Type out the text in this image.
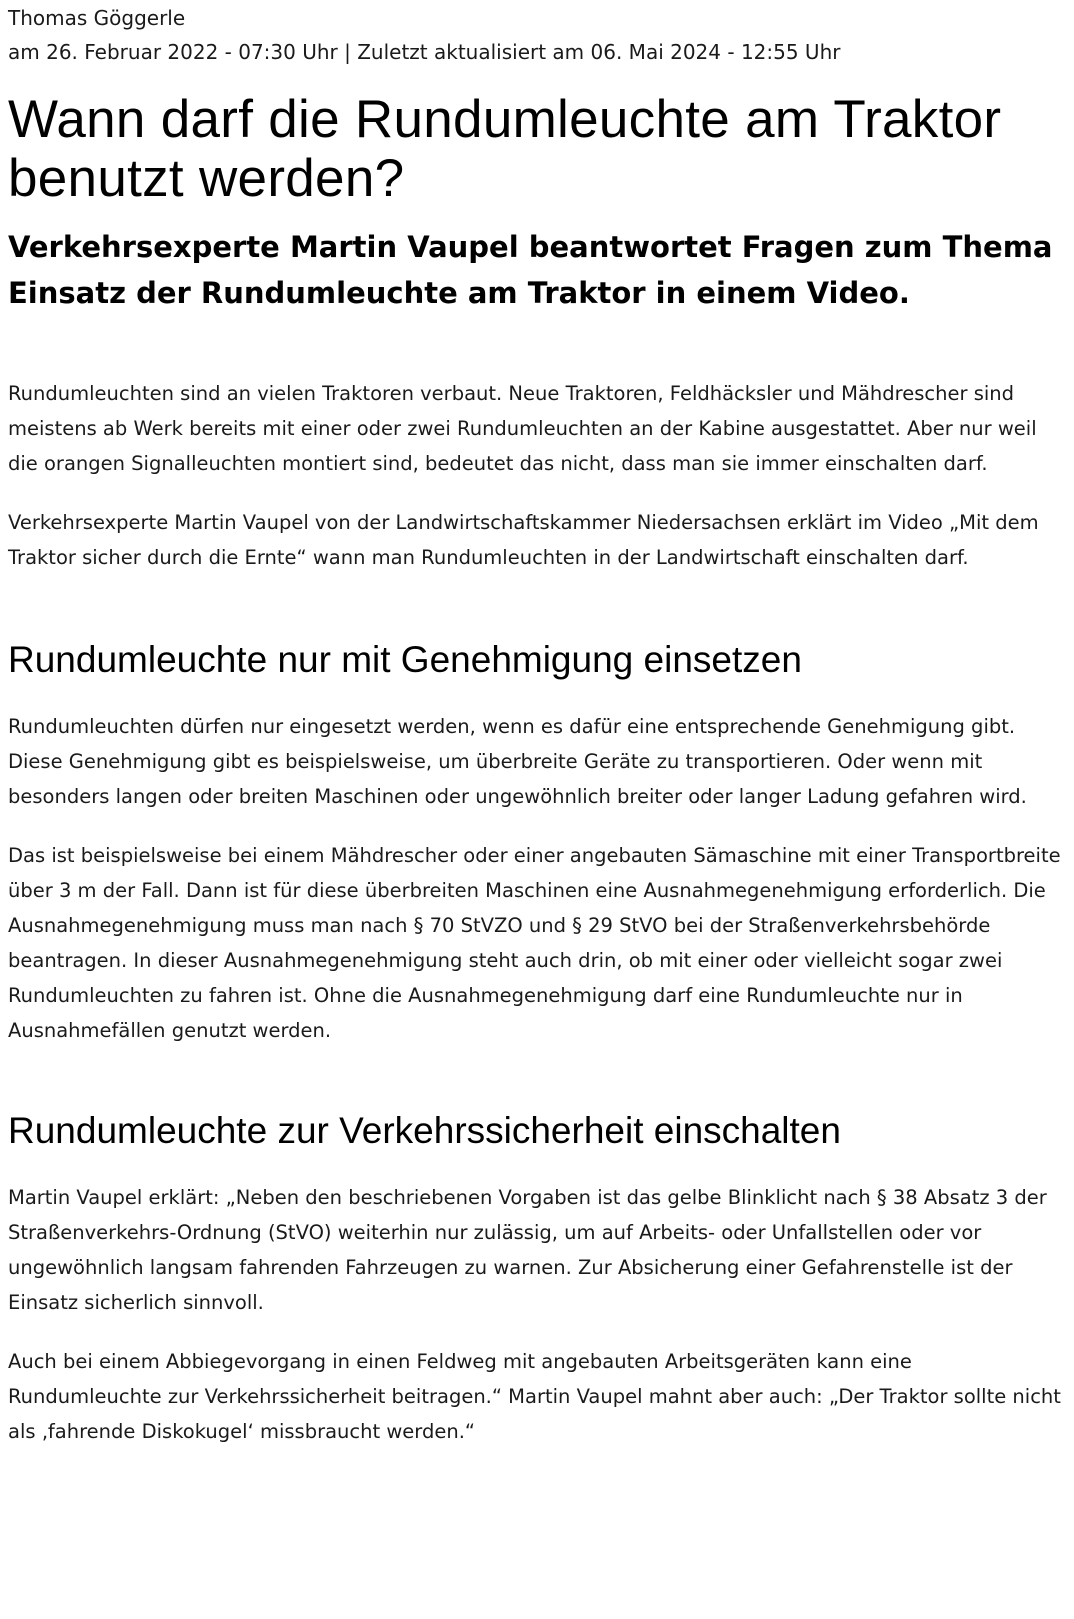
Thomas Göggerle
am 26. Februar 2022 - 07:30 Uhr | Zuletzt aktualisiert am 06. Mai 2024 - 12:55 Uhr
Wann darf die Rundumleuchte am Traktor benutzt werden?
Verkehrsexperte Martin Vaupel beantwortet Fragen zum Thema Einsatz der Rundumleuchte am Traktor in einem Video.

Rundumleuchten sind an vielen Traktoren verbaut. Neue Traktoren, Feldhäcksler und Mähdrescher sind meistens ab Werk bereits mit einer oder zwei Rundumleuchten an der Kabine ausgestattet. Aber nur weil die orangen Signalleuchten montiert sind, bedeutet das nicht, dass man sie immer einschalten darf.

Verkehrsexperte Martin Vaupel von der Landwirtschaftskammer Niedersachsen erklärt im Video „Mit dem Traktor sicher durch die Ernte“ wann man Rundumleuchten in der Landwirtschaft einschalten darf.

Rundumleuchte nur mit Genehmigung einsetzen

Rundumleuchten dürfen nur eingesetzt werden, wenn es dafür eine entsprechende Genehmigung gibt. Diese Genehmigung gibt es beispielsweise, um überbreite Geräte zu transportieren. Oder wenn mit besonders langen oder breiten Maschinen oder ungewöhnlich breiter oder langer Ladung gefahren wird.

Das ist beispielsweise bei einem Mähdrescher oder einer angebauten Sämaschine mit einer Transportbreite über 3 m der Fall. Dann ist für diese überbreiten Maschinen eine Ausnahmegenehmigung erforderlich. Die Ausnahmegenehmigung muss man nach § 70 StVZO und § 29 StVO bei der Straßenverkehrsbehörde beantragen. In dieser Ausnahmegenehmigung steht auch drin, ob mit einer oder vielleicht sogar zwei Rundumleuchten zu fahren ist. Ohne die Ausnahmegenehmigung darf eine Rundumleuchte nur in Ausnahmefällen genutzt werden.

Rundumleuchte zur Verkehrssicherheit einschalten

Martin Vaupel erklärt: „Neben den beschriebenen Vorgaben ist das gelbe Blinklicht nach § 38 Absatz 3 der Straßenverkehrs-Ordnung (StVO) weiterhin nur zulässig, um auf Arbeits- oder Unfallstellen oder vor ungewöhnlich langsam fahrenden Fahrzeugen zu warnen. Zur Absicherung einer Gefahrenstelle ist der Einsatz sicherlich sinnvoll.

Auch bei einem Abbiegevorgang in einen Feldweg mit angebauten Arbeitsgeräten kann eine Rundumleuchte zur Verkehrssicherheit beitragen.“ Martin Vaupel mahnt aber auch: „Der Traktor sollte nicht als ‚fahrende Diskokugel‘ missbraucht werden.“
